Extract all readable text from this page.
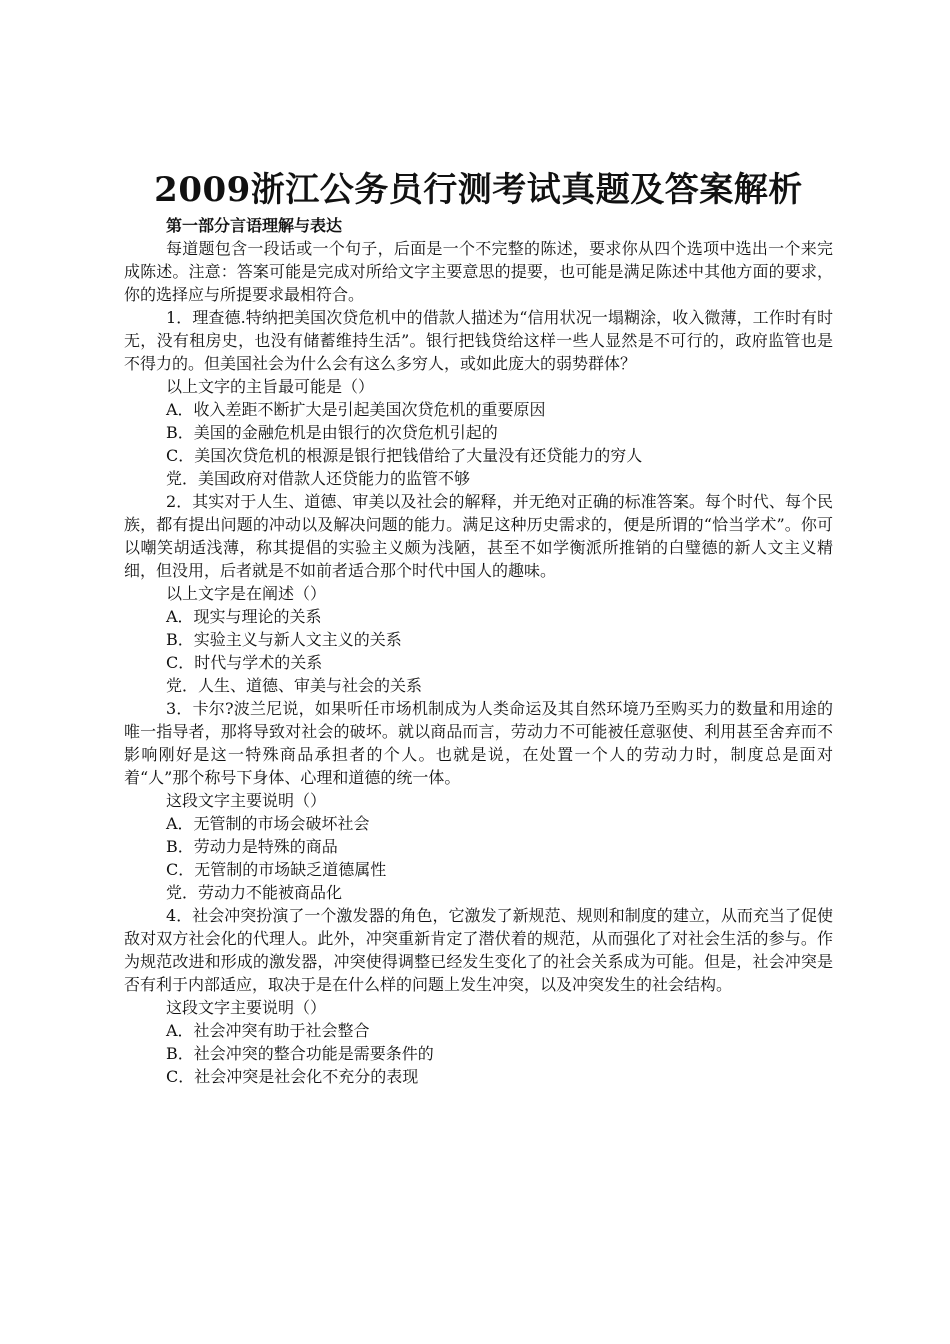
2009浙江公务员行测考试真题及答案解析
第一部分言语理解与表达

每道题包含一段话或一个句子，后面是一个不完整的陈述，要求你从四个选项中选出一个来完成陈述。注意：答案可能是完成对所给文字主要意思的提要，也可能是满足陈述中其他方面的要求，你的选择应与所提要求最相符合。

1．理查德.特纳把美国次贷危机中的借款人描述为“信用状况一塌糊涂，收入微薄，工作时有时无，没有租房史，也没有储蓄维持生活”。银行把钱贷给这样一些人显然是不可行的，政府监管也是不得力的。但美国社会为什么会有这么多穷人，或如此庞大的弱势群体？

以上文字的主旨最可能是（）

A．收入差距不断扩大是引起美国次贷危机的重要原因

B．美国的金融危机是由银行的次贷危机引起的

C．美国次贷危机的根源是银行把钱借给了大量没有还贷能力的穷人

党．美国政府对借款人还贷能力的监管不够

2．其实对于人生、道德、审美以及社会的解释，并无绝对正确的标准答案。每个时代、每个民族，都有提出问题的冲动以及解决问题的能力。满足这种历史需求的，便是所谓的“恰当学术”。你可以嘲笑胡适浅薄，称其提倡的实验主义颇为浅陋，甚至不如学衡派所推销的白璧德的新人文主义精细，但没用，后者就是不如前者适合那个时代中国人的趣味。

以上文字是在阐述（）

A．现实与理论的关系

B．实验主义与新人文主义的关系

C．时代与学术的关系

党．人生、道德、审美与社会的关系

3．卡尔?波兰尼说，如果听任市场机制成为人类命运及其自然环境乃至购买力的数量和用途的唯一指导者，那将导致对社会的破坏。就以商品而言，劳动力不可能被任意驱使、利用甚至舍弃而不影响刚好是这一特殊商品承担者的个人。也就是说，在处置一个人的劳动力时，制度总是面对着“人”那个称号下身体、心理和道德的统一体。

这段文字主要说明（）

A．无管制的市场会破坏社会

B．劳动力是特殊的商品

C．无管制的市场缺乏道德属性

党．劳动力不能被商品化

4．社会冲突扮演了一个激发器的角色，它激发了新规范、规则和制度的建立，从而充当了促使敌对双方社会化的代理人。此外，冲突重新肯定了潜伏着的规范，从而强化了对社会生活的参与。作为规范改进和形成的激发器，冲突使得调整已经发生变化了的社会关系成为可能。但是，社会冲突是否有利于内部适应，取决于是在什么样的问题上发生冲突，以及冲突发生的社会结构。

这段文字主要说明（）

A．社会冲突有助于社会整合

B．社会冲突的整合功能是需要条件的

C．社会冲突是社会化不充分的表现
